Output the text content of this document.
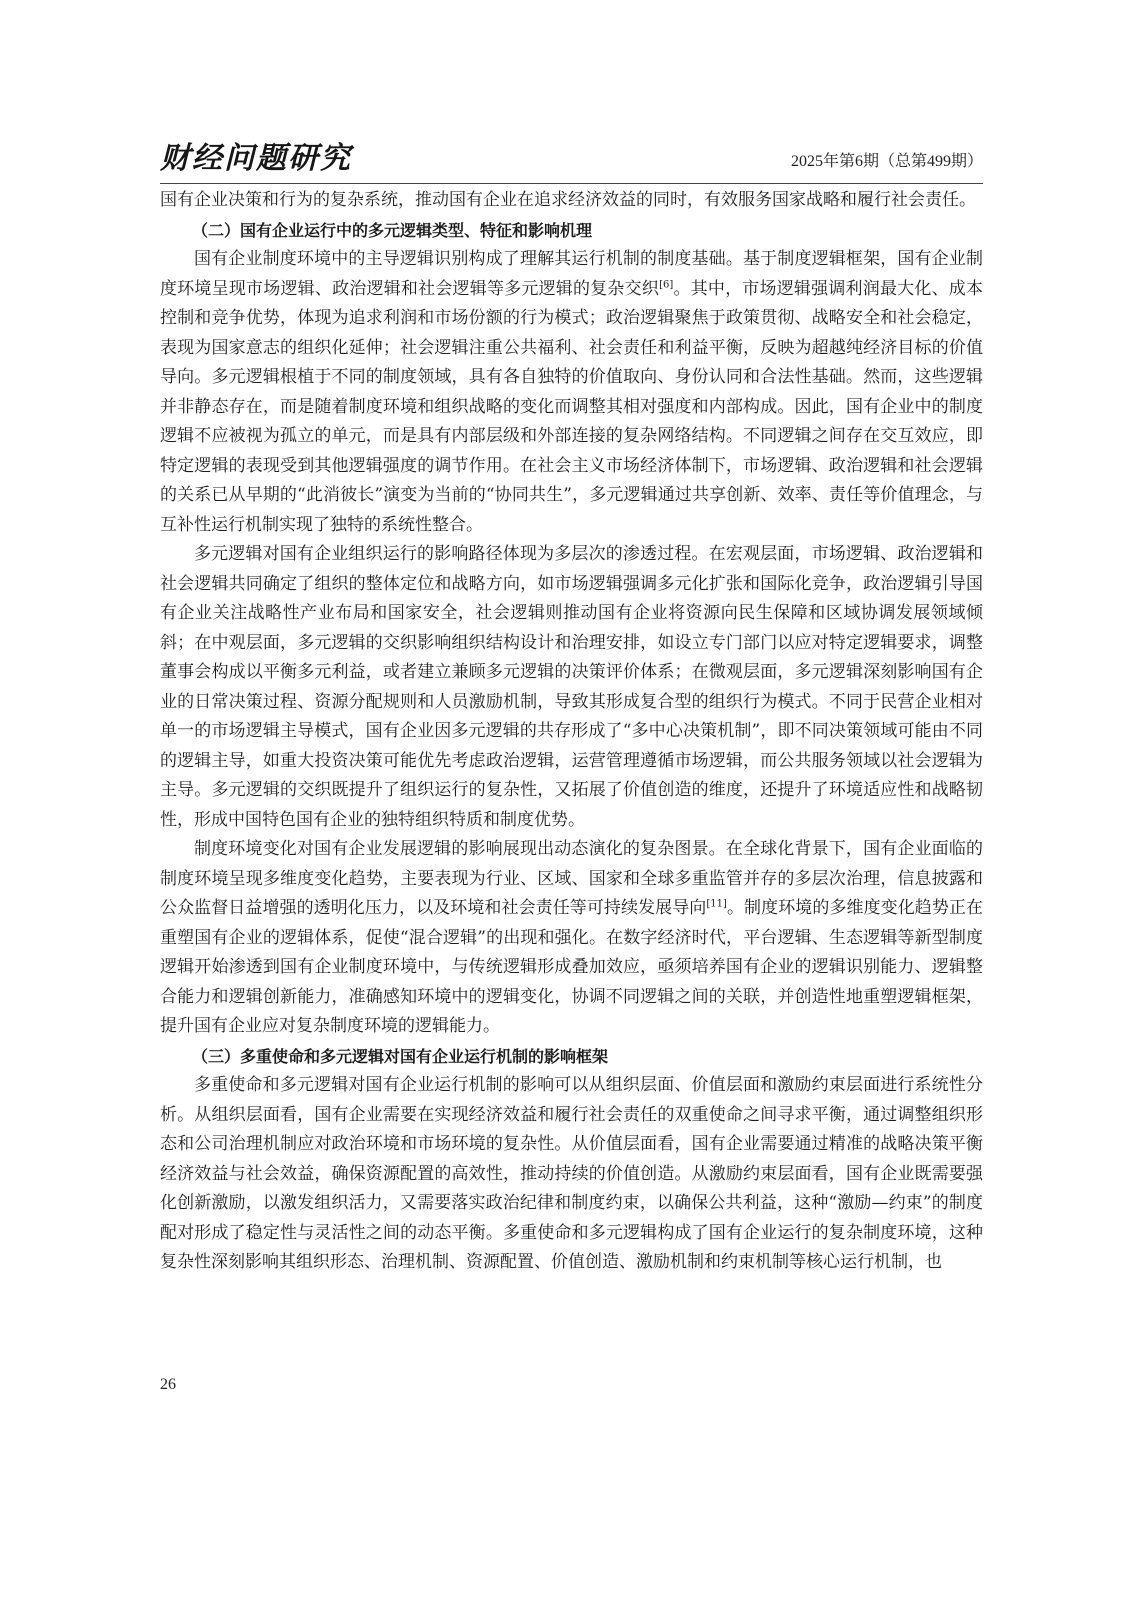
财经问题研究	2025年第6期（总第499期）

国有企业决策和行为的复杂系统，推动国有企业在追求经济效益的同时，有效服务国家战略和履行社会责任。

（二）国有企业运行中的多元逻辑类型、特征和影响机理

国有企业制度环境中的主导逻辑识别构成了理解其运行机制的制度基础。基于制度逻辑框架，国有企业制度环境呈现市场逻辑、政治逻辑和社会逻辑等多元逻辑的复杂交织[6]。其中，市场逻辑强调利润最大化、成本控制和竞争优势，体现为追求利润和市场份额的行为模式；政治逻辑聚焦于政策贯彻、战略安全和社会稳定，表现为国家意志的组织化延伸；社会逻辑注重公共福利、社会责任和利益平衡，反映为超越纯经济目标的价值导向。多元逻辑根植于不同的制度领域，具有各自独特的价值取向、身份认同和合法性基础。然而，这些逻辑并非静态存在，而是随着制度环境和组织战略的变化而调整其相对强度和内部构成。因此，国有企业中的制度逻辑不应被视为孤立的单元，而是具有内部层级和外部连接的复杂网络结构。不同逻辑之间存在交互效应，即特定逻辑的表现受到其他逻辑强度的调节作用。在社会主义市场经济体制下，市场逻辑、政治逻辑和社会逻辑的关系已从早期的“此消彼长”演变为当前的“协同共生”，多元逻辑通过共享创新、效率、责任等价值理念，与互补性运行机制实现了独特的系统性整合。

多元逻辑对国有企业组织运行的影响路径体现为多层次的渗透过程。在宏观层面，市场逻辑、政治逻辑和社会逻辑共同确定了组织的整体定位和战略方向，如市场逻辑强调多元化扩张和国际化竞争，政治逻辑引导国有企业关注战略性产业布局和国家安全，社会逻辑则推动国有企业将资源向民生保障和区域协调发展领域倾斜；在中观层面，多元逻辑的交织影响组织结构设计和治理安排，如设立专门部门以应对特定逻辑要求，调整董事会构成以平衡多元利益，或者建立兼顾多元逻辑的决策评价体系；在微观层面，多元逻辑深刻影响国有企业的日常决策过程、资源分配规则和人员激励机制，导致其形成复合型的组织行为模式。不同于民营企业相对单一的市场逻辑主导模式，国有企业因多元逻辑的共存形成了“多中心决策机制”，即不同决策领域可能由不同的逻辑主导，如重大投资决策可能优先考虑政治逻辑，运营管理遵循市场逻辑，而公共服务领域以社会逻辑为主导。多元逻辑的交织既提升了组织运行的复杂性，又拓展了价值创造的维度，还提升了环境适应性和战略韧性，形成中国特色国有企业的独特组织特质和制度优势。

制度环境变化对国有企业发展逻辑的影响展现出动态演化的复杂图景。在全球化背景下，国有企业面临的制度环境呈现多维度变化趋势，主要表现为行业、区域、国家和全球多重监管并存的多层次治理，信息披露和公众监督日益增强的透明化压力，以及环境和社会责任等可持续发展导向[11]。制度环境的多维度变化趋势正在重塑国有企业的逻辑体系，促使“混合逻辑”的出现和强化。在数字经济时代，平台逻辑、生态逻辑等新型制度逻辑开始渗透到国有企业制度环境中，与传统逻辑形成叠加效应，亟须培养国有企业的逻辑识别能力、逻辑整合能力和逻辑创新能力，准确感知环境中的逻辑变化，协调不同逻辑之间的关联，并创造性地重塑逻辑框架，提升国有企业应对复杂制度环境的逻辑能力。

（三）多重使命和多元逻辑对国有企业运行机制的影响框架

多重使命和多元逻辑对国有企业运行机制的影响可以从组织层面、价值层面和激励约束层面进行系统性分析。从组织层面看，国有企业需要在实现经济效益和履行社会责任的双重使命之间寻求平衡，通过调整组织形态和公司治理机制应对政治环境和市场环境的复杂性。从价值层面看，国有企业需要通过精准的战略决策平衡经济效益与社会效益，确保资源配置的高效性，推动持续的价值创造。从激励约束层面看，国有企业既需要强化创新激励，以激发组织活力，又需要落实政治纪律和制度约束，以确保公共利益，这种“激励—约束”的制度配对形成了稳定性与灵活性之间的动态平衡。多重使命和多元逻辑构成了国有企业运行的复杂制度环境，这种复杂性深刻影响其组织形态、治理机制、资源配置、价值创造、激励机制和约束机制等核心运行机制，也

26
